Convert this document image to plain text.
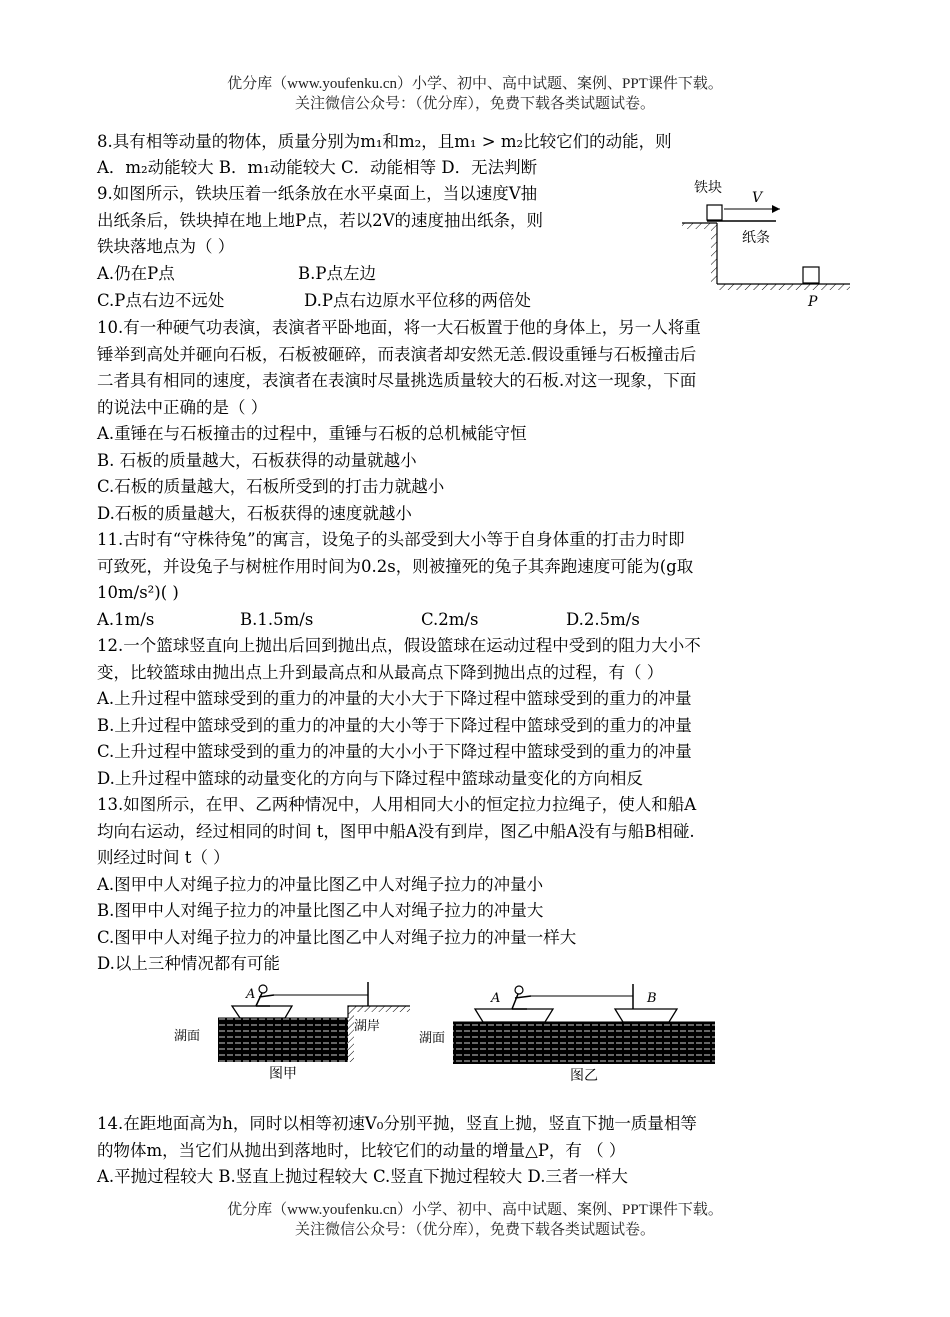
优分库（www.youfenku.cn）小学、初中、高中试题、案例、PPT课件下载。
关注微信公众号：（优分库），免费下载各类试题试卷。
8.具有相等动量的物体，质量分别为m₁和m₂，且m₁ > m₂比较它们的动能，则
A．m₂动能较大 B．m₁动能较大 C．动能相等 D．无法判断
9.如图所示，铁块压着一纸条放在水平桌面上，当以速度V抽
出纸条后，铁块掉在地上地P点，若以2V的速度抽出纸条，则
铁块落地点为（ ）
A.仍在P点	B.P点左边
C.P点右边不远处	D.P点右边原水平位移的两倍处
铁块
V
纸条
P
10.有一种硬气功表演，表演者平卧地面，将一大石板置于他的身体上，另一人将重
锤举到高处并砸向石板，石板被砸碎，而表演者却安然无恙.假设重锤与石板撞击后
二者具有相同的速度，表演者在表演时尽量挑选质量较大的石板.对这一现象，下面
的说法中正确的是（ ）
A.重锤在与石板撞击的过程中，重锤与石板的总机械能守恒
B. 石板的质量越大，石板获得的动量就越小
C.石板的质量越大，石板所受到的打击力就越小
D.石板的质量越大，石板获得的速度就越小
11.古时有“守株待兔”的寓言，设兔子的头部受到大小等于自身体重的打击力时即
可致死，并设兔子与树桩作用时间为0.2s，则被撞死的兔子其奔跑速度可能为(g取
10m/s²)( )
A.1m/s	B.1.5m/s	C.2m/s	D.2.5m/s
12.一个篮球竖直向上抛出后回到抛出点，假设篮球在运动过程中受到的阻力大小不
变，比较篮球由抛出点上升到最高点和从最高点下降到抛出点的过程，有（ ）
A.上升过程中篮球受到的重力的冲量的大小大于下降过程中篮球受到的重力的冲量
B.上升过程中篮球受到的重力的冲量的大小等于下降过程中篮球受到的重力的冲量
C.上升过程中篮球受到的重力的冲量的大小小于下降过程中篮球受到的重力的冲量
D.上升过程中篮球的动量变化的方向与下降过程中篮球动量变化的方向相反
13.如图所示，在甲、乙两种情况中，人用相同大小的恒定拉力拉绳子，使人和船A
均向右运动，经过相同的时间 t，图甲中船A没有到岸，图乙中船A没有与船B相碰.
则经过时间 t（ ）
A.图甲中人对绳子拉力的冲量比图乙中人对绳子拉力的冲量小
B.图甲中人对绳子拉力的冲量比图乙中人对绳子拉力的冲量大
C.图甲中人对绳子拉力的冲量比图乙中人对绳子拉力的冲量一样大
D.以上三种情况都有可能
湖面
A
湖岸
图甲
湖面
A	B
图乙
14.在距地面高为h，同时以相等初速V₀分别平抛，竖直上抛，竖直下抛一质量相等
的物体m，当它们从抛出到落地时，比较它们的动量的增量△P，有 （ ）
A.平抛过程较大 B.竖直上抛过程较大 C.竖直下抛过程较大 D.三者一样大
优分库（www.youfenku.cn）小学、初中、高中试题、案例、PPT课件下载。
关注微信公众号：（优分库），免费下载各类试题试卷。
